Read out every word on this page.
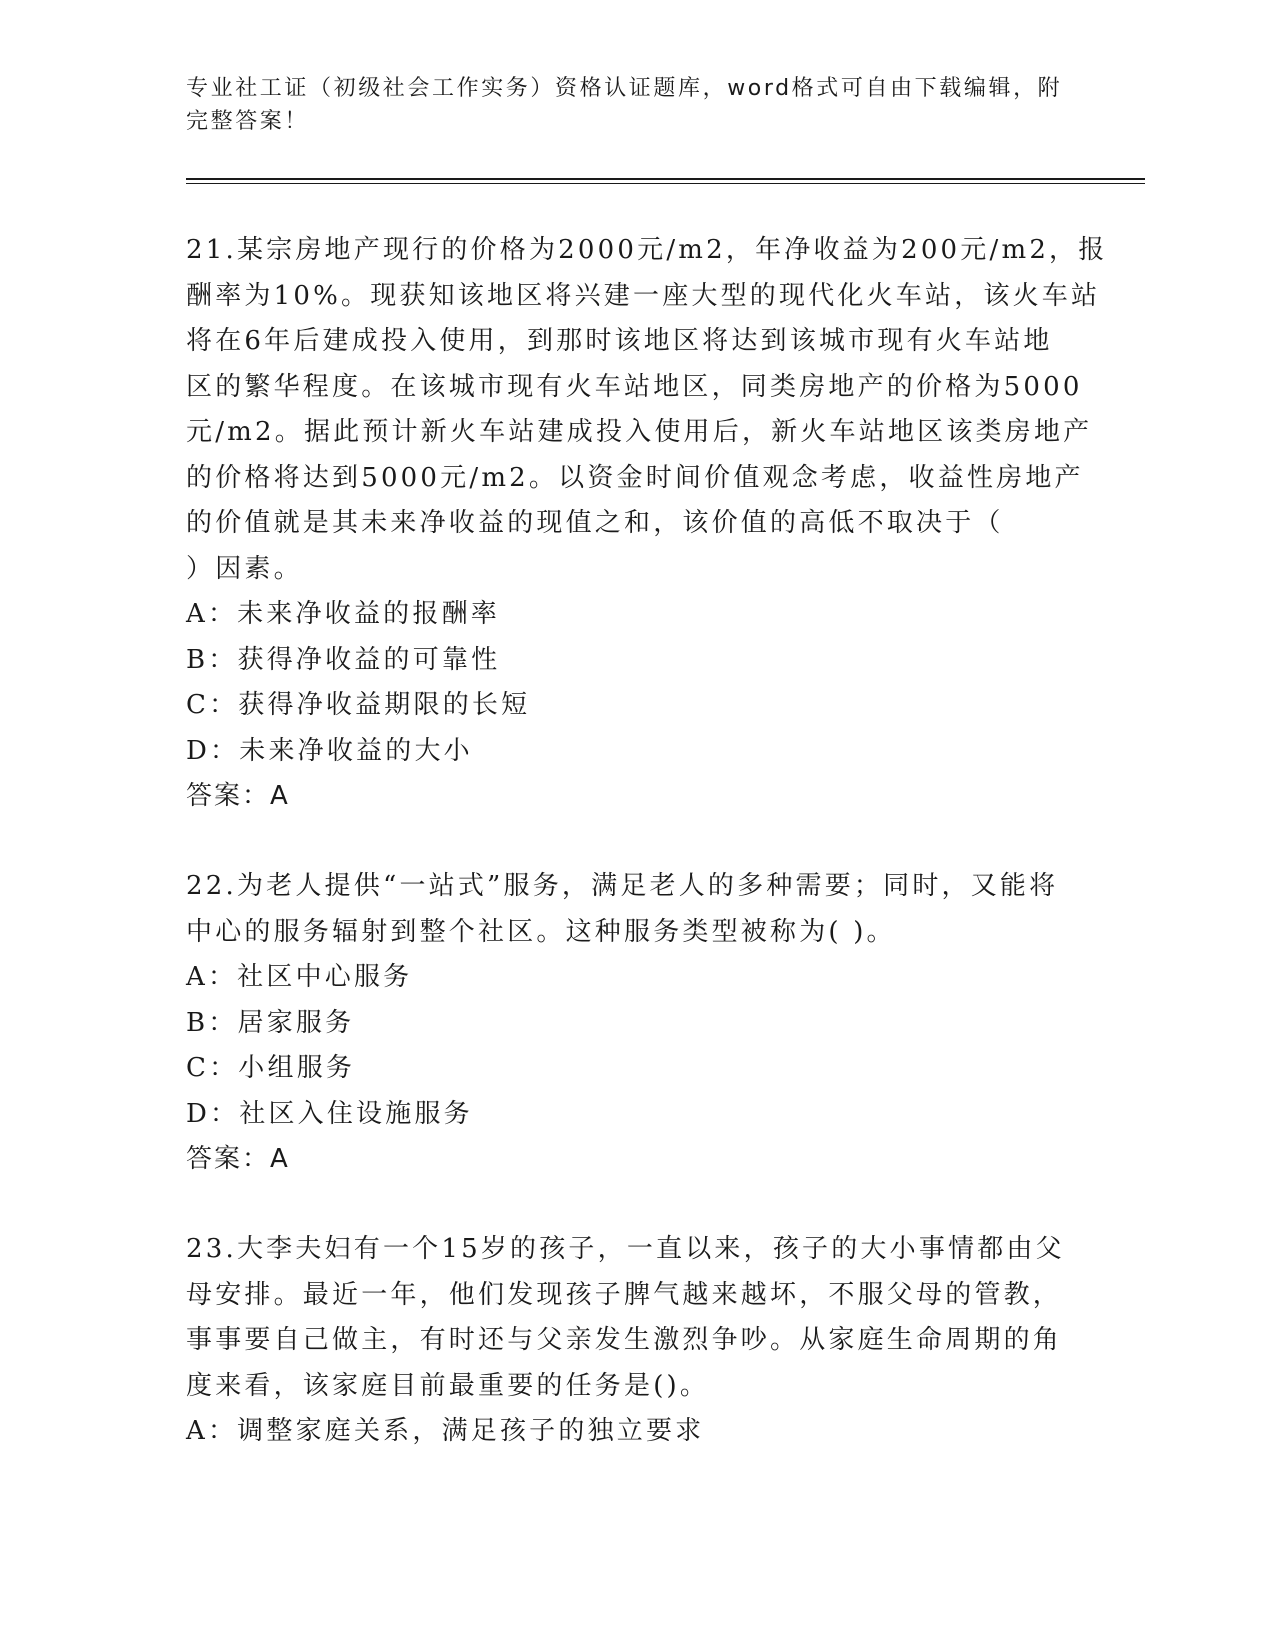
专业社工证（初级社会工作实务）资格认证题库，word格式可自由下载编辑，附
完整答案！
21.某宗房地产现行的价格为2000元/m2，年净收益为200元/m2，报
酬率为10%。现获知该地区将兴建一座大型的现代化火车站，该火车站
将在6年后建成投入使用，到那时该地区将达到该城市现有火车站地
区的繁华程度。在该城市现有火车站地区，同类房地产的价格为5000
元/m2。据此预计新火车站建成投入使用后，新火车站地区该类房地产
的价格将达到5000元/m2。以资金时间价值观念考虑，收益性房地产
的价值就是其未来净收益的现值之和，该价值的高低不取决于（
）因素。

A：未来净收益的报酬率

B：获得净收益的可靠性

C：获得净收益期限的长短

D：未来净收益的大小

答案：A

22.为老人提供“一站式”服务，满足老人的多种需要；同时，又能将
中心的服务辐射到整个社区。这种服务类型被称为( )。

A：社区中心服务

B：居家服务

C：小组服务

D：社区入住设施服务

答案：A

23.大李夫妇有一个15岁的孩子，一直以来，孩子的大小事情都由父
母安排。最近一年，他们发现孩子脾气越来越坏，不服父母的管教，
事事要自己做主，有时还与父亲发生激烈争吵。从家庭生命周期的角
度来看，该家庭目前最重要的任务是()。

A：调整家庭关系，满足孩子的独立要求
